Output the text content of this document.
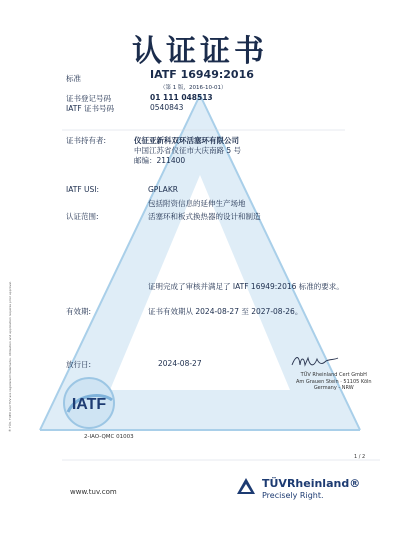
认证证书
标准	IATF 16949:2016
（第 1 版，2016-10-01）
证书登记号码	01 111 048513
IATF 证书号码	0540843
证书持有者:	仪征亚新科双环活塞环有限公司
中国江苏省仪征市大庆南路 5 号
邮编：211400
IATF USI:	GPLAKR
包括附资信息的延伸生产场地
认证范围:	活塞环和板式换热器的设计和制造
证明完成了审核并满足了 IATF 16949:2016 标准的要求。
有效期:	证书有效期从 2024-08-27 至 2027-08-26。
放行日:	2024-08-27
TÜV Rheinland Cert GmbH
Am Grauen Stein · 51105 Köln
Germany - NRW
IATF
2-IAO-QMC 01003
1 / 2
® TÜV, TUEV and TUV are registered trademarks. Utilisation and application requires prior approval.
www.tuv.com
TÜVRheinland®
Precisely Right.
